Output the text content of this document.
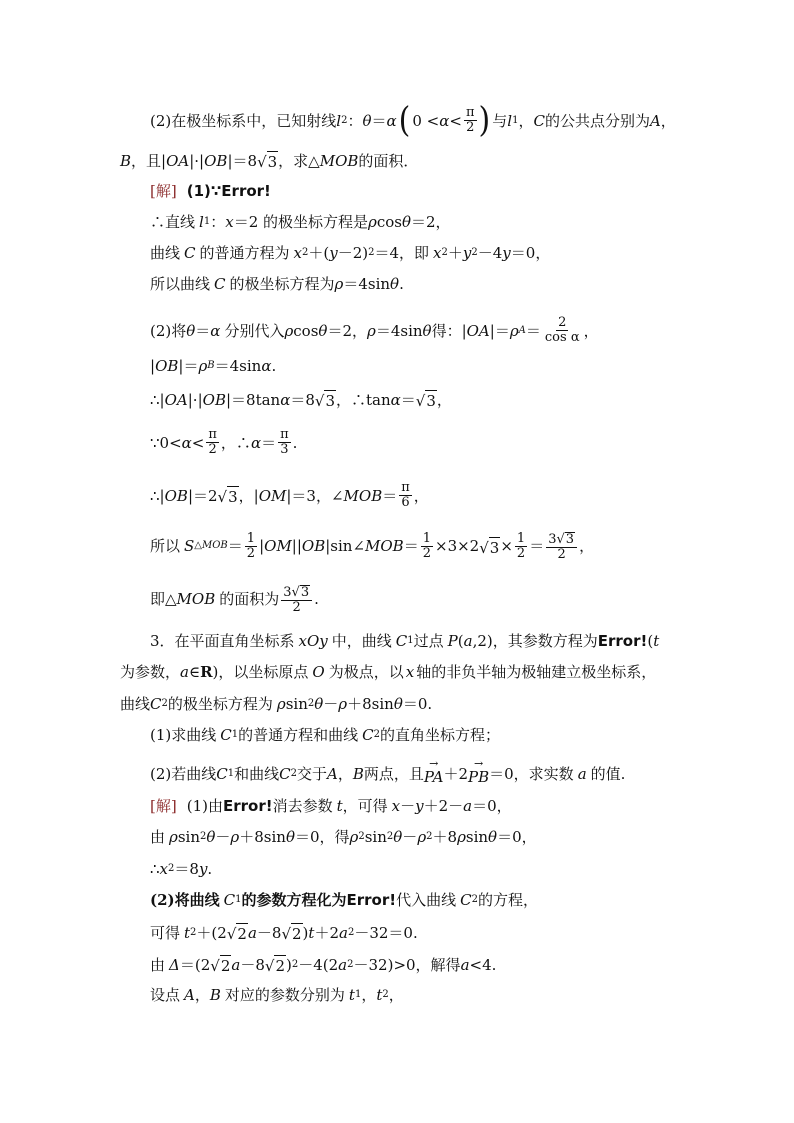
(2)在极坐标系中，已知射线 l 2 ： θ ＝ α ( $0 < \alpha < \frac{\pi}{2}$ ) 与 l 1 ， C 的公共点分别为 A ，
B ，且| OA |·| OB |＝8 √ 3 ，求△ MOB 的面积．
[解] (1)∵Error!
∴直线 l 1 ： x ＝2 的极坐标方程是 ρ cos θ ＝2，
曲线 C 的普通方程为 x 2 ＋( y －2) 2 ＝4，即 x 2 ＋ y 2 －4 y ＝0，
所以曲线 C 的极坐标方程为 ρ ＝4sin θ .
(2)将 θ ＝ α 分别代入 ρ cos θ ＝2， ρ ＝4sin θ 得：| OA |＝ ρ $A = \frac{2}{\text{cos α}}$ ，
| OB |＝ ρ B ＝4sin α .
∴| OA |·| OB |＝8tan α ＝8 √ 3 ，∴tan α ＝ √ 3 ，
∵0< $\alpha < \frac{\pi}{2}$ ，∴ $\alpha = \frac{\pi}{3}$ .
∴| OB |＝2 √ 3 ，| OM |＝3，∠ MOB ＝ $\frac{\pi}{6}$ ，
所以 S △MOB ＝ $\frac{1}{2}$ | OM || OB |sin∠ MOB ＝ $\frac{1}{2} \times 3\times 2$ √ $3 \times \frac{1}{2} = \frac{3 √ 3}{2}$ ，
即△ MOB 的面积为 $\frac{3 √ 3}{2}$ .
3．在平面直角坐标系 xOy 中，曲线 C 1 过点 P ( a ,2)，其参数方程为 Error! ( t
为参数， a ∈ R )，以坐标原点 O 为极点，以 x 轴的非负半轴为极轴建立极坐标系，
曲线 C 2 的极坐标方程为 ρ sin 2 θ － ρ ＋8sin θ ＝0.
(1)求曲线 C 1 的普通方程和曲线 C 2 的直角坐标方程；
(2)若曲线 C 1 和曲线 C 2 交于 A ， B 两点，且
→
PA ＋2
→
PB ＝0，求实数 a 的值.
[解] (1)由 Error! 消去参数 t ，可得 x － y ＋2－ a ＝0，
由 ρ sin 2 θ － ρ ＋8sin θ ＝0，得 ρ 2 sin 2 θ － ρ 2 ＋8 ρ sin θ ＝0，
∴ x 2 ＝8 y .
(2)将曲线 C 1 的参数方程化为 Error! 代入曲线 C 2 的方程，
可得 t 2 ＋(2 √ 2 a －8 √ 2 ) t ＋2 a 2 －32＝0.
由 Δ ＝(2 √ 2 a －8 √ 2 ) 2 －4(2 a 2 －32)>0，解得 a <4.
设点 A ， B 对应的参数分别为 t 1 ， t 2 ，
